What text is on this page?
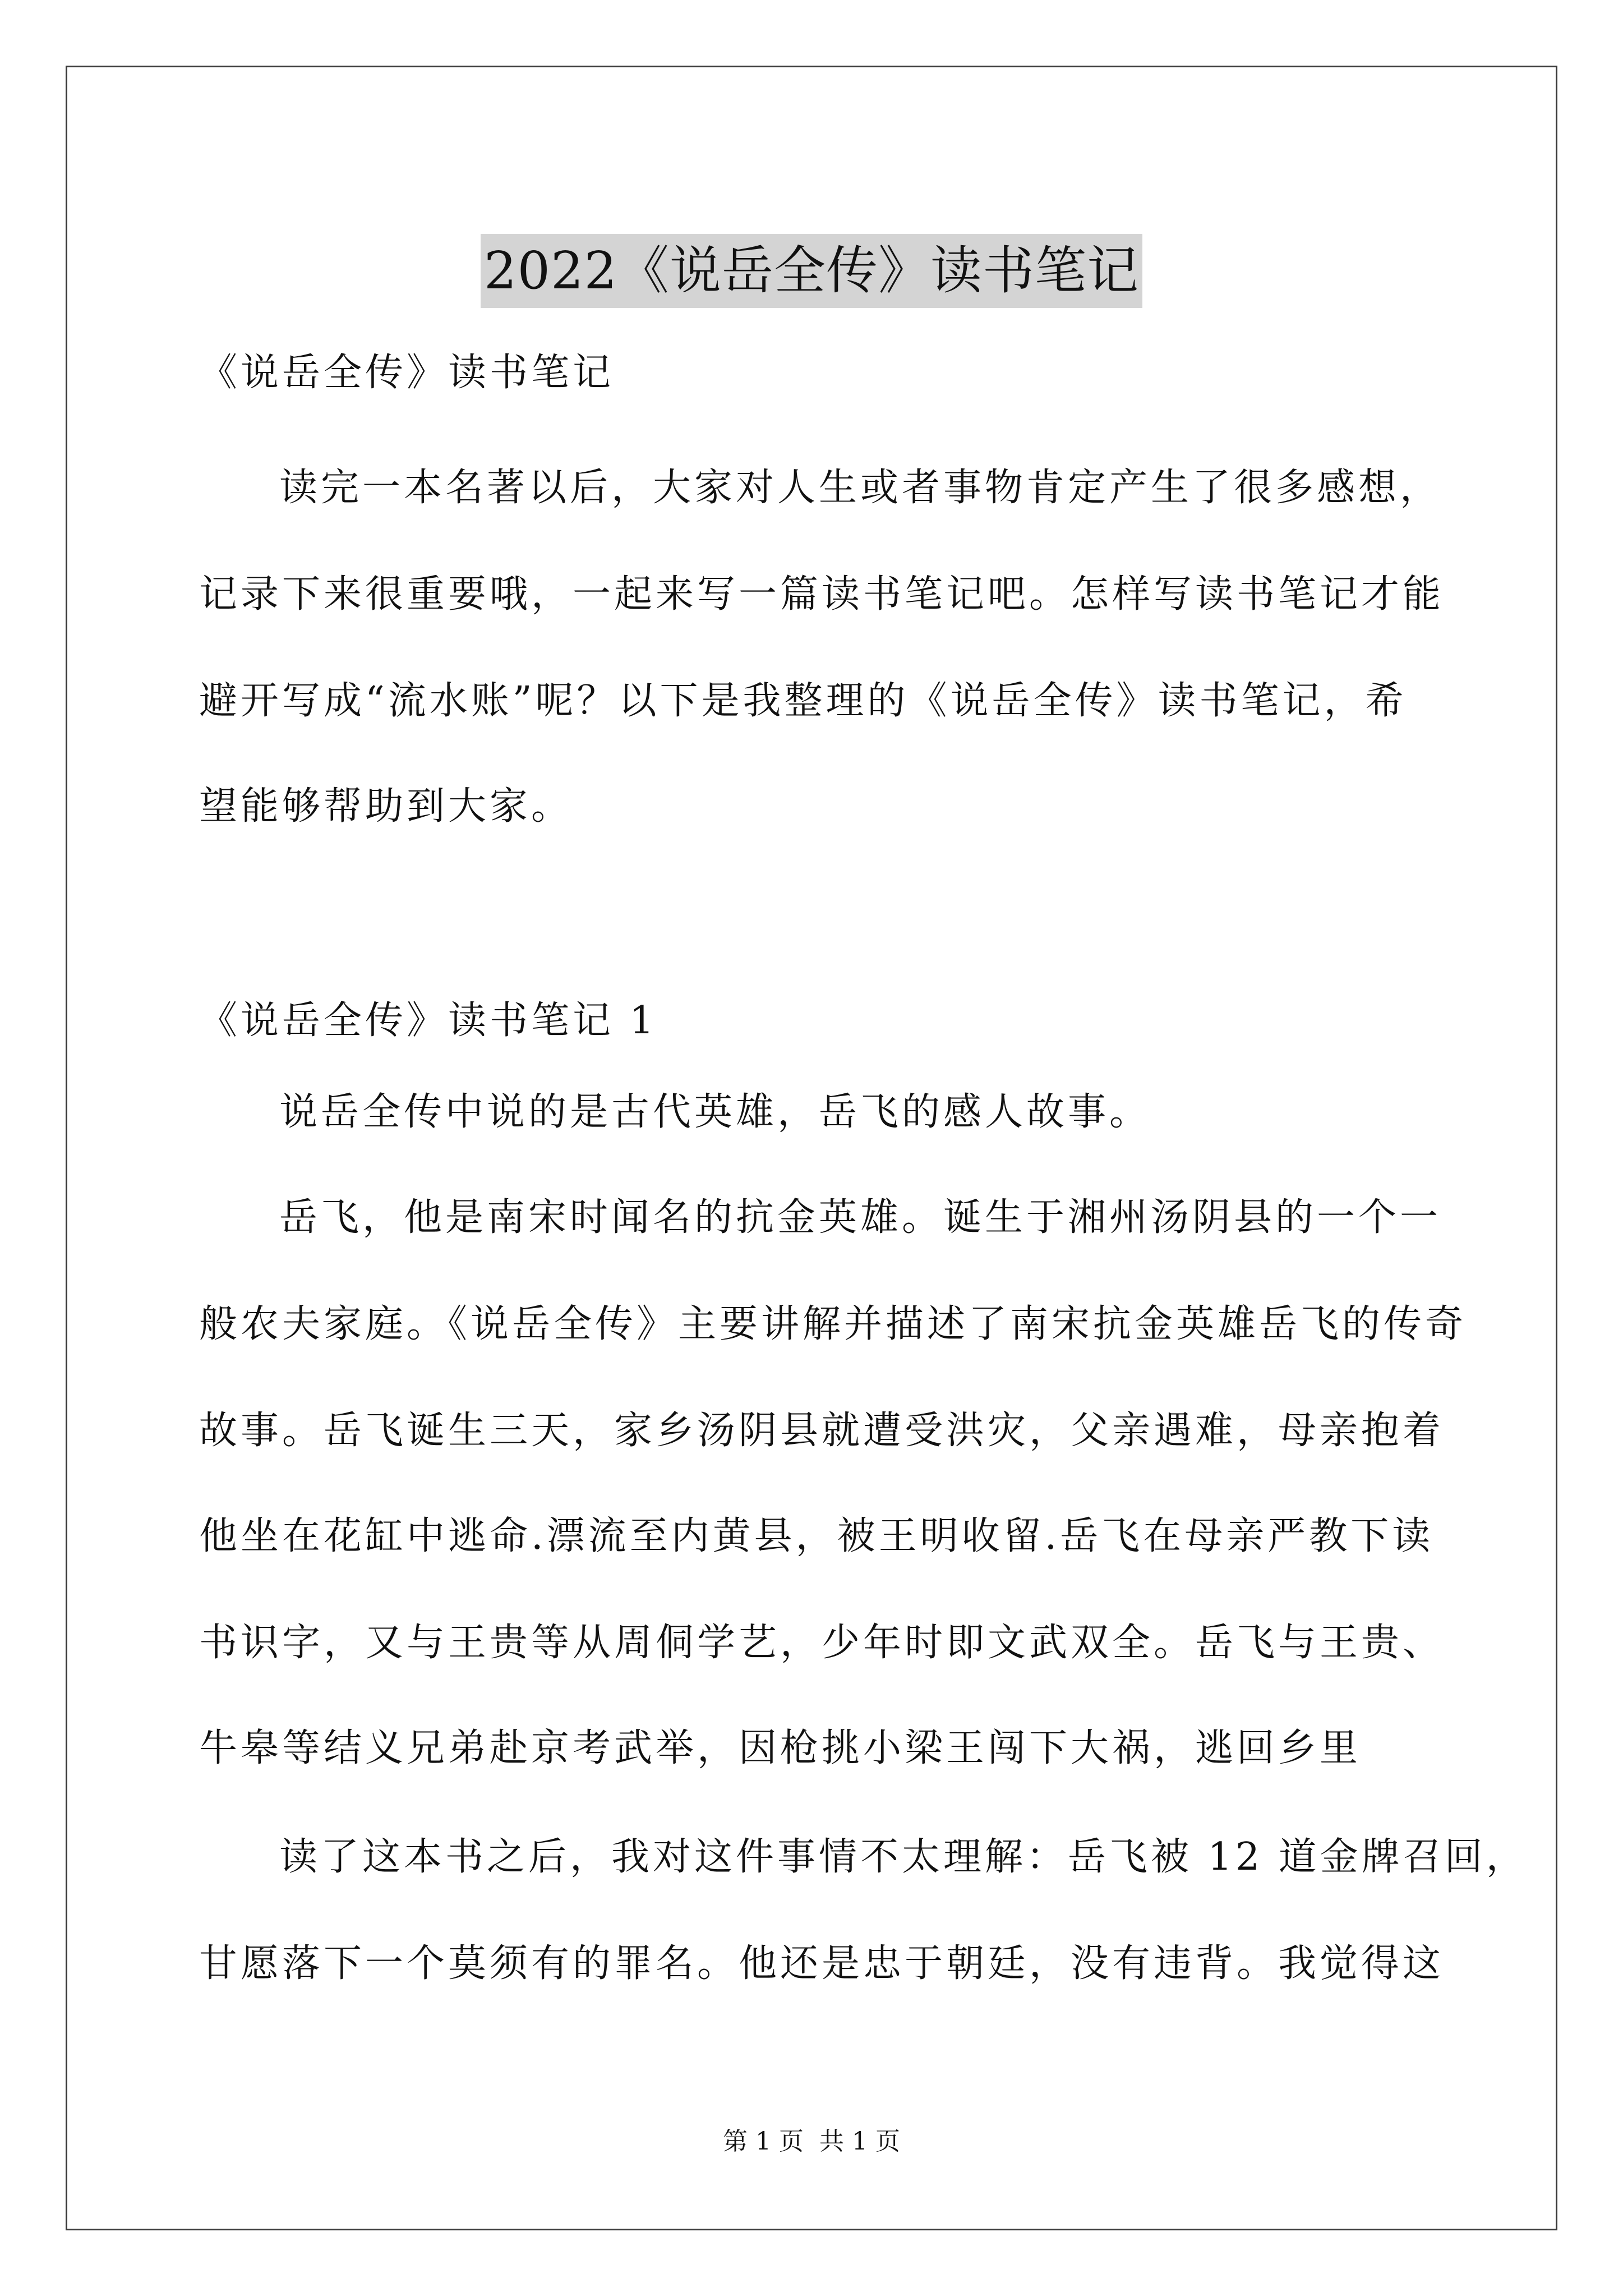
2022《说岳全传》读书笔记
《说岳全传》读书笔记
读完一本名著以后，大家对人生或者事物肯定产生了很多感想，
记录下来很重要哦，一起来写一篇读书笔记吧。怎样写读书笔记才能
避开写成“流水账”呢？以下是我整理的《说岳全传》读书笔记，希
望能够帮助到大家。
《说岳全传》读书笔记 1
说岳全传中说的是古代英雄，岳飞的感人故事。
岳飞，他是南宋时闻名的抗金英雄。诞生于湘州汤阴县的一个一
般农夫家庭。《说岳全传》主要讲解并描述了南宋抗金英雄岳飞的传奇
故事。岳飞诞生三天，家乡汤阴县就遭受洪灾，父亲遇难，母亲抱着
他坐在花缸中逃命.漂流至内黄县，被王明收留.岳飞在母亲严教下读
书识字，又与王贵等从周侗学艺，少年时即文武双全。岳飞与王贵、
牛皋等结义兄弟赴京考武举，因枪挑小梁王闯下大祸，逃回乡里
读了这本书之后，我对这件事情不太理解：岳飞被 12 道金牌召回，
甘愿落下一个莫须有的罪名。他还是忠于朝廷，没有违背。我觉得这
第 1 页 共 1 页
